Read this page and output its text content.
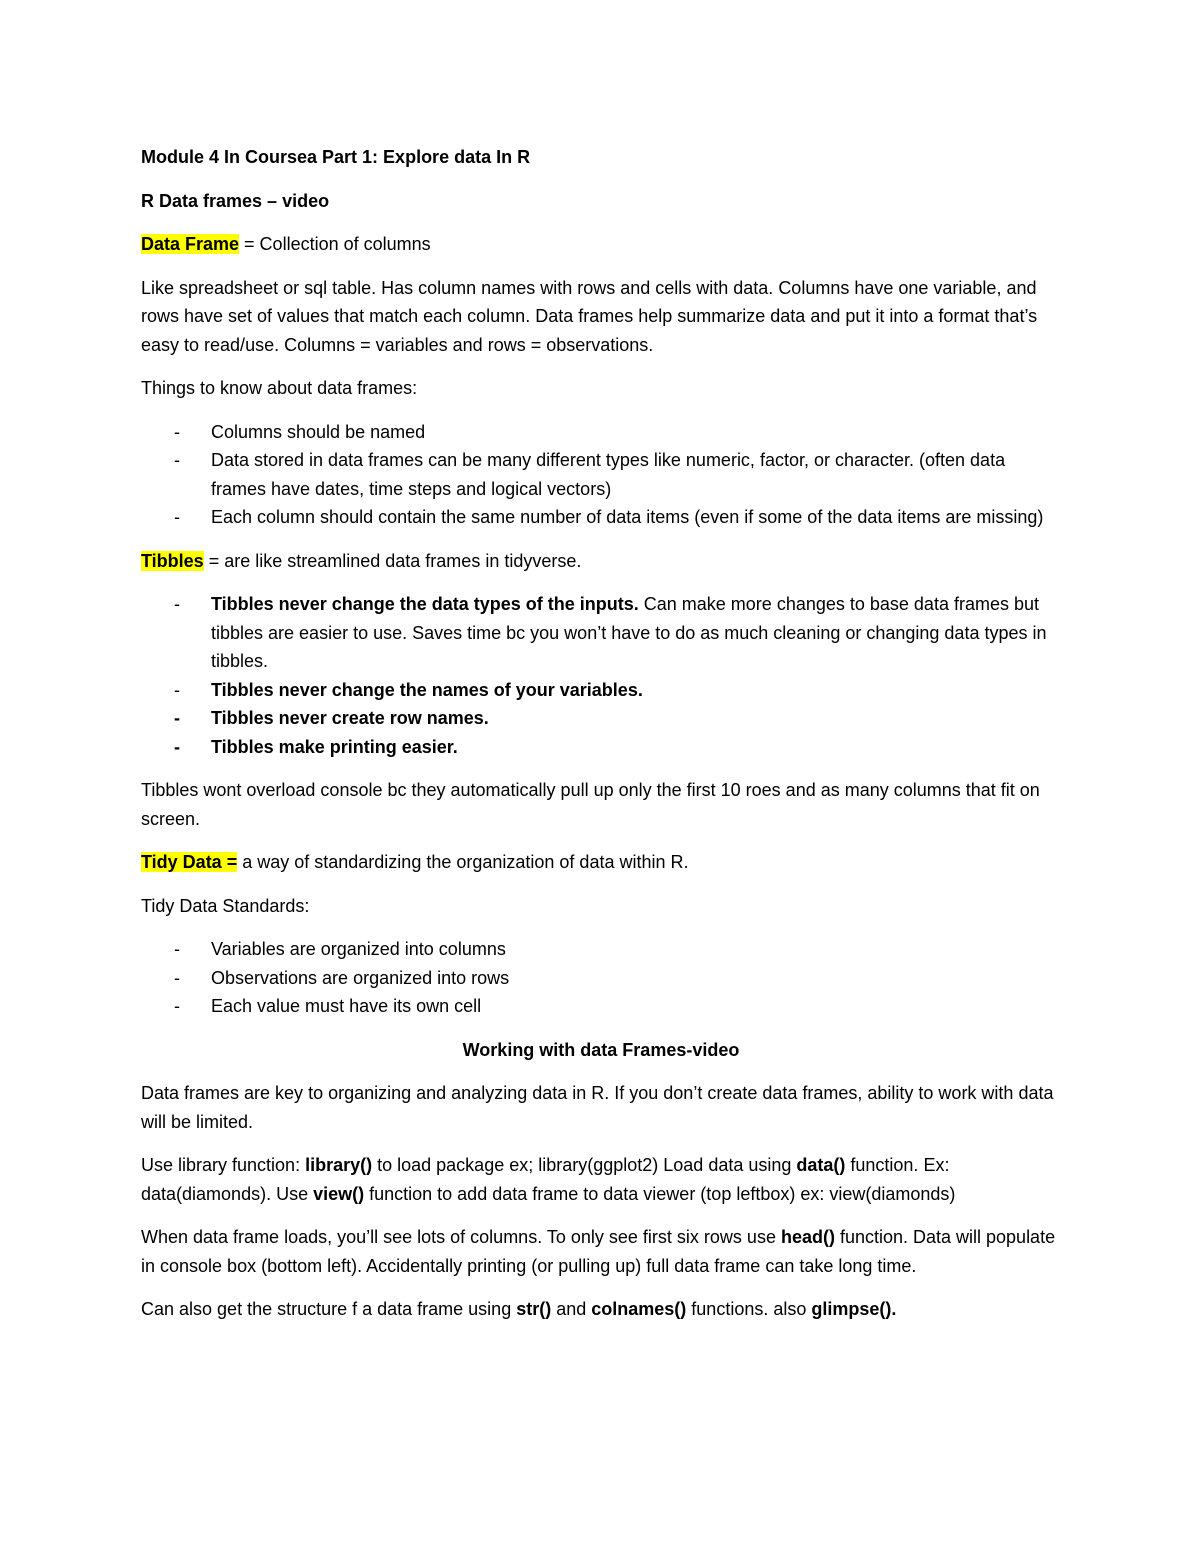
Module 4 In Coursea Part 1: Explore data In R

R Data frames – video

Data Frame = Collection of columns

Like spreadsheet or sql table. Has column names with rows and cells with data. Columns have one variable, and rows have set of values that match each column. Data frames help summarize data and put it into a format that’s easy to read/use. Columns = variables and rows = observations.

Things to know about data frames:

- Columns should be named
- Data stored in data frames can be many different types like numeric, factor, or character. (often data frames have dates, time steps and logical vectors)
- Each column should contain the same number of data items (even if some of the data items are missing)

Tibbles = are like streamlined data frames in tidyverse.

- Tibbles never change the data types of the inputs. Can make more changes to base data frames but tibbles are easier to use. Saves time bc you won’t have to do as much cleaning or changing data types in tibbles.
- Tibbles never change the names of your variables.
- Tibbles never create row names.
- Tibbles make printing easier.

Tibbles wont overload console bc they automatically pull up only the first 10 roes and as many columns that fit on screen.

Tidy Data = a way of standardizing the organization of data within R.

Tidy Data Standards:

- Variables are organized into columns
- Observations are organized into rows
- Each value must have its own cell

Working with data Frames-video

Data frames are key to organizing and analyzing data in R. If you don’t create data frames, ability to work with data will be limited.

Use library function: library() to load package ex; library(ggplot2) Load data using data() function. Ex: data(diamonds). Use view() function to add data frame to data viewer (top leftbox) ex: view(diamonds)

When data frame loads, you’ll see lots of columns. To only see first six rows use head() function. Data will populate in console box (bottom left). Accidentally printing (or pulling up) full data frame can take long time.

Can also get the structure f a data frame using str() and colnames() functions. also glimpse().
